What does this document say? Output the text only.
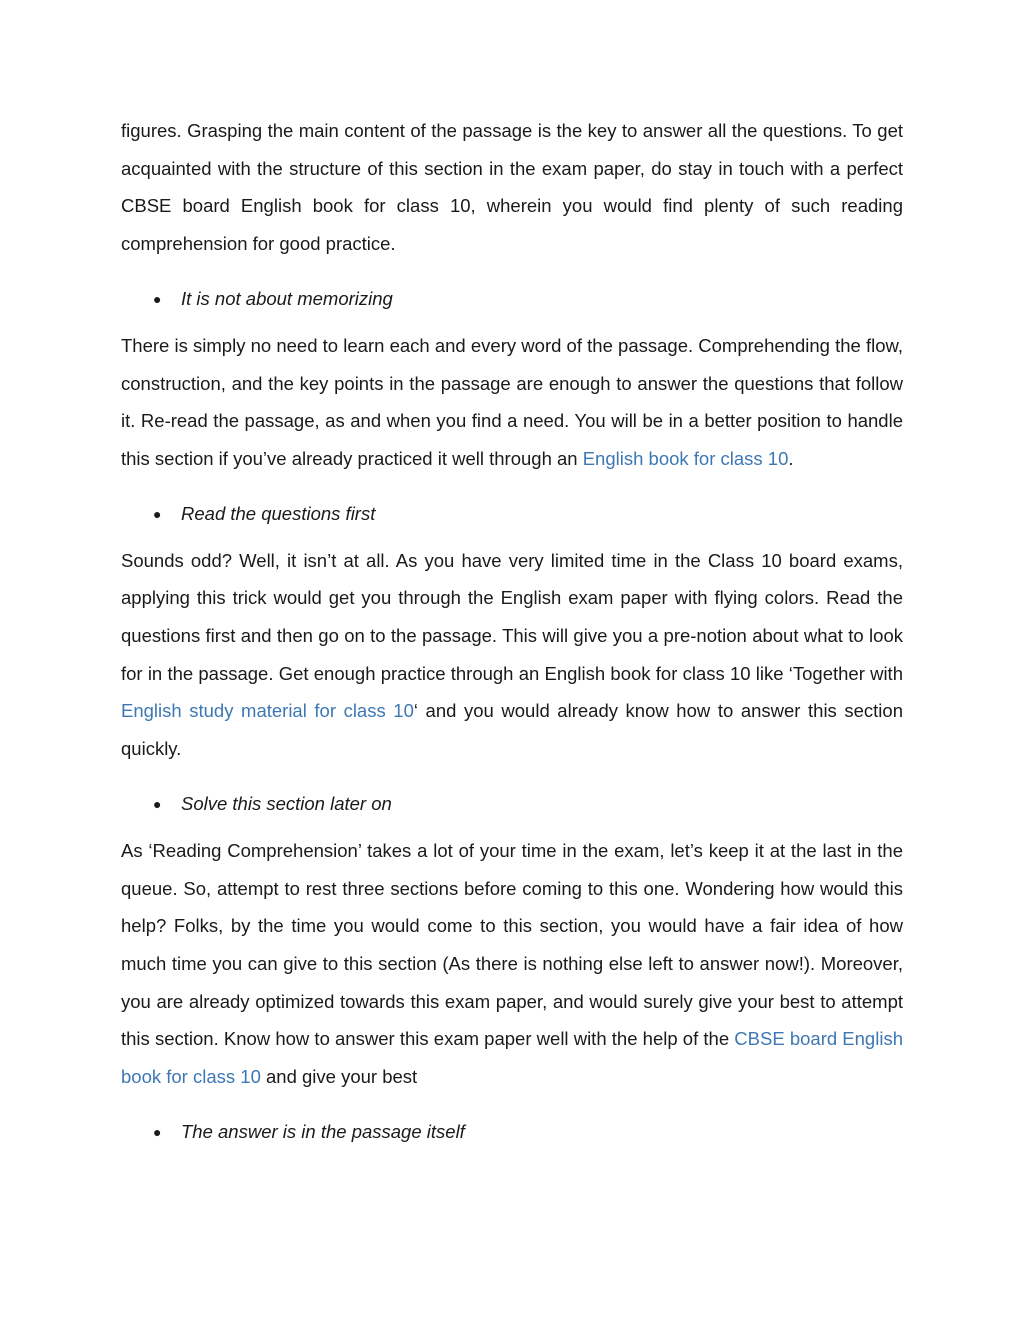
figures. Grasping the main content of the passage is the key to answer all the questions. To get acquainted with the structure of this section in the exam paper, do stay in touch with a perfect CBSE board English book for class 10, wherein you would find plenty of such reading comprehension for good practice.

● It is not about memorizing

There is simply no need to learn each and every word of the passage. Comprehending the flow, construction, and the key points in the passage are enough to answer the questions that follow it. Re-read the passage, as and when you find a need. You will be in a better position to handle this section if you’ve already practiced it well through an English book for class 10.

● Read the questions first

Sounds odd? Well, it isn’t at all. As you have very limited time in the Class 10 board exams, applying this trick would get you through the English exam paper with flying colors. Read the questions first and then go on to the passage. This will give you a pre-notion about what to look for in the passage. Get enough practice through an English book for class 10 like ‘Together with English study material for class 10‘ and you would already know how to answer this section quickly.

● Solve this section later on

As ‘Reading Comprehension’ takes a lot of your time in the exam, let’s keep it at the last in the queue. So, attempt to rest three sections before coming to this one. Wondering how would this help? Folks, by the time you would come to this section, you would have a fair idea of how much time you can give to this section (As there is nothing else left to answer now!). Moreover, you are already optimized towards this exam paper, and would surely give your best to attempt this section. Know how to answer this exam paper well with the help of the CBSE board English book for class 10 and give your best

● The answer is in the passage itself
